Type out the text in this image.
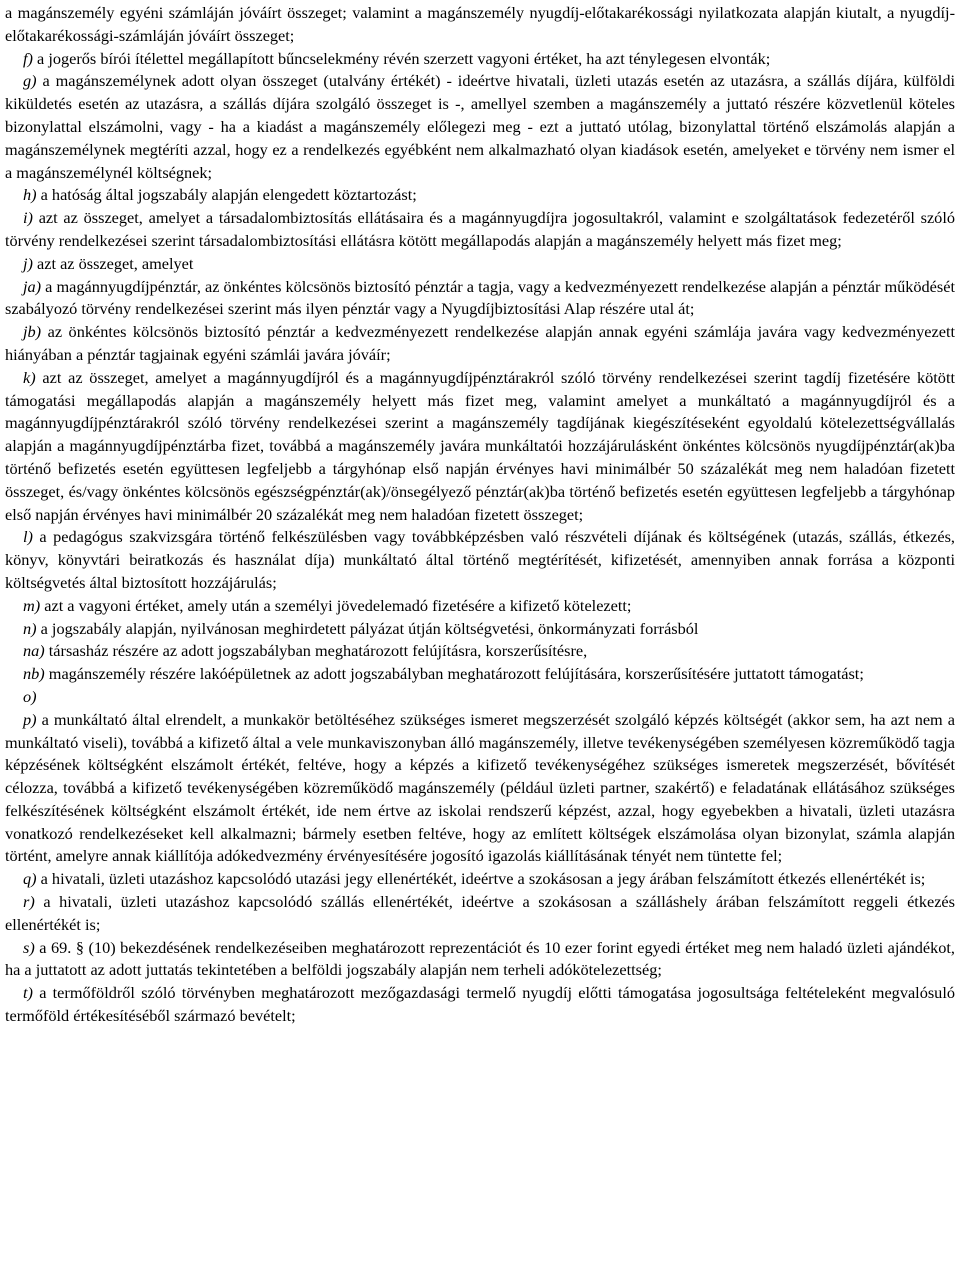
a magánszemély egyéni számláján jóváírt összeget; valamint a magánszemély nyugdíj-előtakarékossági nyilatkozata alapján kiutalt, a nyugdíj-előtakarékossági-számláján jóváírt összeget;

f) a jogerős bírói ítélettel megállapított bűncselekmény révén szerzett vagyoni értéket, ha azt ténylegesen elvonták;

g) a magánszemélynek adott olyan összeget (utalvány értékét) - ideértve hivatali, üzleti utazás esetén az utazásra, a szállás díjára, külföldi kiküldetés esetén az utazásra, a szállás díjára szolgáló összeget is -, amellyel szemben a magánszemély a juttató részére közvetlenül köteles bizonylattal elszámolni, vagy - ha a kiadást a magánszemély előlegezi meg - ezt a juttató utólag, bizonylattal történő elszámolás alapján a magánszemélynek megtéríti azzal, hogy ez a rendelkezés egyébként nem alkalmazható olyan kiadások esetén, amelyeket e törvény nem ismer el a magánszemélynél költségnek;

h) a hatóság által jogszabály alapján elengedett köztartozást;

i) azt az összeget, amelyet a társadalombiztosítás ellátásaira és a magánnyugdíjra jogosultakról, valamint e szolgáltatások fedezetéről szóló törvény rendelkezései szerint társadalombiztosítási ellátásra kötött megállapodás alapján a magánszemély helyett más fizet meg;

j) azt az összeget, amelyet

ja) a magánnyugdíjpénztár, az önkéntes kölcsönös biztosító pénztár a tagja, vagy a kedvezményezett rendelkezése alapján a pénztár működését szabályozó törvény rendelkezései szerint más ilyen pénztár vagy a Nyugdíjbiztosítási Alap részére utal át;

jb) az önkéntes kölcsönös biztosító pénztár a kedvezményezett rendelkezése alapján annak egyéni számlája javára vagy kedvezményezett hiányában a pénztár tagjainak egyéni számlái javára jóváír;

k) azt az összeget, amelyet a magánnyugdíjról és a magánnyugdíjpénztárakról szóló törvény rendelkezései szerint tagdíj fizetésére kötött támogatási megállapodás alapján a magánszemély helyett más fizet meg, valamint amelyet a munkáltató a magánnyugdíjról és a magánnyugdíjpénztárakról szóló törvény rendelkezései szerint a magánszemély tagdíjának kiegészítéseként egyoldalú kötelezettségvállalás alapján a magánnyugdíjpénztárba fizet, továbbá a magánszemély javára munkáltatói hozzájárulásként önkéntes kölcsönös nyugdíjpénztár(ak)ba történő befizetés esetén együttesen legfeljebb a tárgyhónap első napján érvényes havi minimálbér 50 százalékát meg nem haladóan fizetett összeget, és/vagy önkéntes kölcsönös egészségpénztár(ak)/önsegélyező pénztár(ak)ba történő befizetés esetén együttesen legfeljebb a tárgyhónap első napján érvényes havi minimálbér 20 százalékát meg nem haladóan fizetett összeget;

l) a pedagógus szakvizsgára történő felkészülésben vagy továbbképzésben való részvételi díjának és költségének (utazás, szállás, étkezés, könyv, könyvtári beiratkozás és használat díja) munkáltató által történő megtérítését, kifizetését, amennyiben annak forrása a központi költségvetés által biztosított hozzájárulás;

m) azt a vagyoni értéket, amely után a személyi jövedelemadó fizetésére a kifizető kötelezett;

n) a jogszabály alapján, nyilvánosan meghirdetett pályázat útján költségvetési, önkormányzati forrásból

na) társasház részére az adott jogszabályban meghatározott felújításra, korszerűsítésre,

nb) magánszemély részére lakóépületnek az adott jogszabályban meghatározott felújítására, korszerűsítésére juttatott támogatást;

o)

p) a munkáltató által elrendelt, a munkakör betöltéséhez szükséges ismeret megszerzését szolgáló képzés költségét (akkor sem, ha azt nem a munkáltató viseli), továbbá a kifizető által a vele munkaviszonyban álló magánszemély, illetve tevékenységében személyesen közreműködő tagja képzésének költségként elszámolt értékét, feltéve, hogy a képzés a kifizető tevékenységéhez szükséges ismeretek megszerzését, bővítését célozza, továbbá a kifizető tevékenységében közreműködő magánszemély (például üzleti partner, szakértő) e feladatának ellátásához szükséges felkészítésének költségként elszámolt értékét, ide nem értve az iskolai rendszerű képzést, azzal, hogy egyebekben a hivatali, üzleti utazásra vonatkozó rendelkezéseket kell alkalmazni; bármely esetben feltéve, hogy az említett költségek elszámolása olyan bizonylat, számla alapján történt, amelyre annak kiállítója adókedvezmény érvényesítésére jogosító igazolás kiállításának tényét nem tüntette fel;

q) a hivatali, üzleti utazáshoz kapcsolódó utazási jegy ellenértékét, ideértve a szokásosan a jegy árában felszámított étkezés ellenértékét is;

r) a hivatali, üzleti utazáshoz kapcsolódó szállás ellenértékét, ideértve a szokásosan a szálláshely árában felszámított reggeli étkezés ellenértékét is;

s) a 69. § (10) bekezdésének rendelkezéseiben meghatározott reprezentációt és 10 ezer forint egyedi értéket meg nem haladó üzleti ajándékot, ha a juttatott az adott juttatás tekintetében a belföldi jogszabály alapján nem terheli adókötelezettség;

t) a termőföldről szóló törvényben meghatározott mezőgazdasági termelő nyugdíj előtti támogatása jogosultsága feltételeként megvalósuló termőföld értékesítéséből származó bevételt;
